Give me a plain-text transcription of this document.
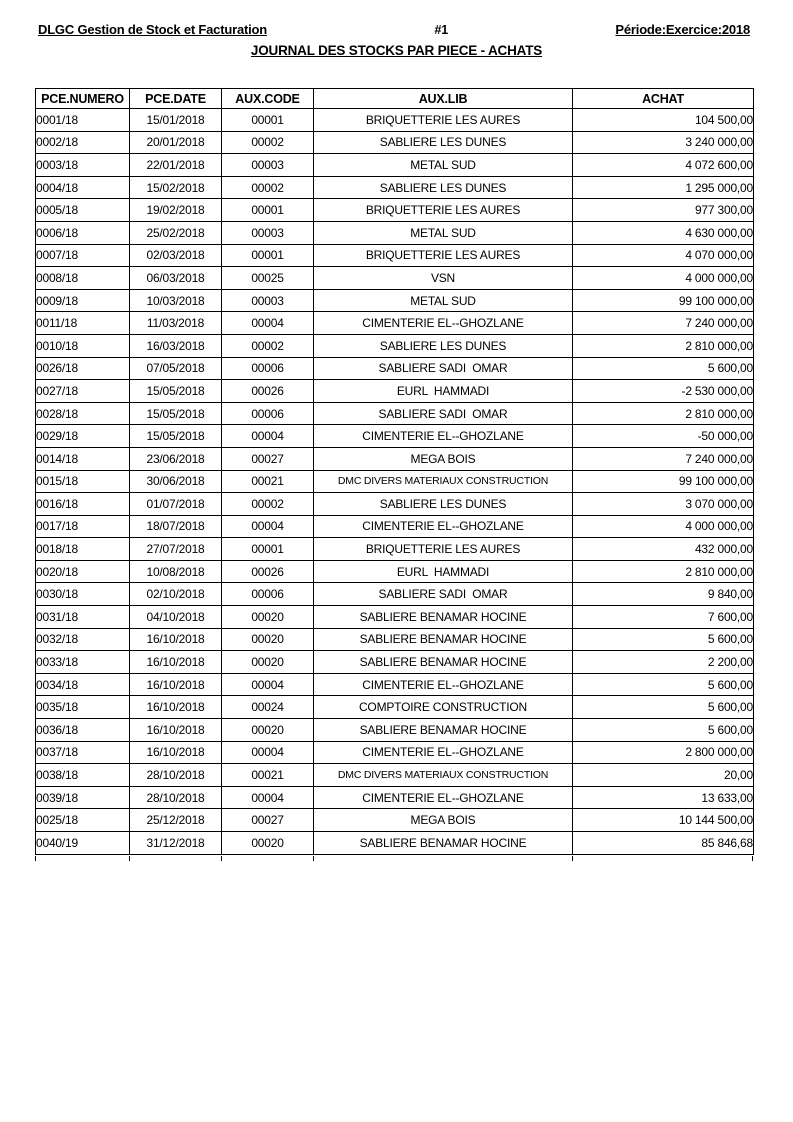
DLGC Gestion de Stock et Facturation	#1	Période:Exercice:2018
JOURNAL DES STOCKS PAR PIECE - ACHATS
PCE.NUMERO	PCE.DATE	AUX.CODE	AUX.LIB	ACHAT
0001/18	15/01/2018	00001	BRIQUETTERIE LES AURES	104 500,00
0002/18	20/01/2018	00002	SABLIERE LES DUNES	3 240 000,00
0003/18	22/01/2018	00003	METAL SUD	4 072 600,00
0004/18	15/02/2018	00002	SABLIERE LES DUNES	1 295 000,00
0005/18	19/02/2018	00001	BRIQUETTERIE LES AURES	977 300,00
0006/18	25/02/2018	00003	METAL SUD	4 630 000,00
0007/18	02/03/2018	00001	BRIQUETTERIE LES AURES	4 070 000,00
0008/18	06/03/2018	00025	VSN	4 000 000,00
0009/18	10/03/2018	00003	METAL SUD	99 100 000,00
0011/18	11/03/2018	00004	CIMENTERIE EL--GHOZLANE	7 240 000,00
0010/18	16/03/2018	00002	SABLIERE LES DUNES	2 810 000,00
0026/18	07/05/2018	00006	SABLIERE SADI  OMAR	5 600,00
0027/18	15/05/2018	00026	EURL  HAMMADI	-2 530 000,00
0028/18	15/05/2018	00006	SABLIERE SADI  OMAR	2 810 000,00
0029/18	15/05/2018	00004	CIMENTERIE EL--GHOZLANE	-50 000,00
0014/18	23/06/2018	00027	MEGA BOIS	7 240 000,00
0015/18	30/06/2018	00021	DMC DIVERS MATERIAUX CONSTRUCTION	99 100 000,00
0016/18	01/07/2018	00002	SABLIERE LES DUNES	3 070 000,00
0017/18	18/07/2018	00004	CIMENTERIE EL--GHOZLANE	4 000 000,00
0018/18	27/07/2018	00001	BRIQUETTERIE LES AURES	432 000,00
0020/18	10/08/2018	00026	EURL  HAMMADI	2 810 000,00
0030/18	02/10/2018	00006	SABLIERE SADI  OMAR	9 840,00
0031/18	04/10/2018	00020	SABLIERE BENAMAR HOCINE	7 600,00
0032/18	16/10/2018	00020	SABLIERE BENAMAR HOCINE	5 600,00
0033/18	16/10/2018	00020	SABLIERE BENAMAR HOCINE	2 200,00
0034/18	16/10/2018	00004	CIMENTERIE EL--GHOZLANE	5 600,00
0035/18	16/10/2018	00024	COMPTOIRE CONSTRUCTION	5 600,00
0036/18	16/10/2018	00020	SABLIERE BENAMAR HOCINE	5 600,00
0037/18	16/10/2018	00004	CIMENTERIE EL--GHOZLANE	2 800 000,00
0038/18	28/10/2018	00021	DMC DIVERS MATERIAUX CONSTRUCTION	20,00
0039/18	28/10/2018	00004	CIMENTERIE EL--GHOZLANE	13 633,00
0025/18	25/12/2018	00027	MEGA BOIS	10 144 500,00
0040/19	31/12/2018	00020	SABLIERE BENAMAR HOCINE	85 846,68
